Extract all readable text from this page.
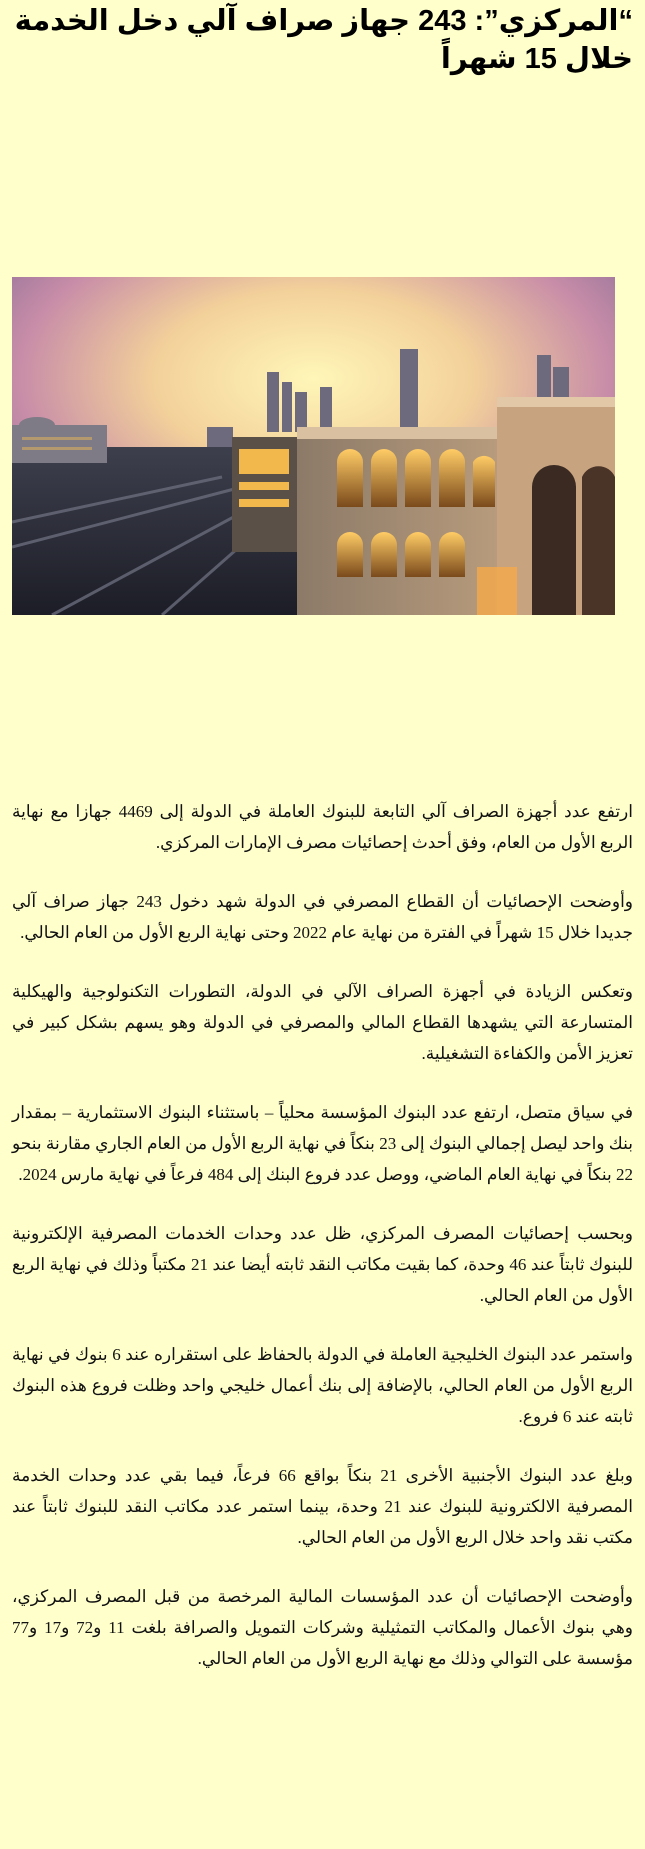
“المركزي”: 243 جهاز صراف آلي دخل الخدمة خلال 15 شهراً

ارتفع عدد أجهزة الصراف آلي التابعة للبنوك العاملة في الدولة إلى 4469 جهازا مع نهاية الربع الأول من العام، وفق أحدث إحصائيات مصرف الإمارات المركزي.

وأوضحت الإحصائيات أن القطاع المصرفي في الدولة شهد دخول 243 جهاز صراف آلي جديدا خلال 15 شهراً في الفترة من نهاية عام 2022 وحتى نهاية الربع الأول من العام الحالي.

وتعكس الزيادة في أجهزة الصراف الآلي في الدولة، التطورات التكنولوجية والهيكلية المتسارعة التي يشهدها القطاع المالي والمصرفي في الدولة وهو يسهم بشكل كبير في تعزيز الأمن والكفاءة التشغيلية.

في سياق متصل، ارتفع عدد البنوك المؤسسة محلياً – باستثناء البنوك الاستثمارية – بمقدار بنك واحد ليصل إجمالي البنوك إلى 23 بنكاً في نهاية الربع الأول من العام الجاري مقارنة بنحو 22 بنكاً في نهاية العام الماضي، ووصل عدد فروع البنك إلى 484 فرعاً في نهاية مارس 2024.

وبحسب إحصائيات المصرف المركزي، ظل عدد وحدات الخدمات المصرفية الإلكترونية للبنوك ثابتاً عند 46 وحدة، كما بقيت مكاتب النقد ثابته أيضا عند 21 مكتباً وذلك في نهاية الربع الأول من العام الحالي.

واستمر عدد البنوك الخليجية العاملة في الدولة بالحفاظ على استقراره عند 6 بنوك في نهاية الربع الأول من العام الحالي، بالإضافة إلى بنك أعمال خليجي واحد وظلت فروع هذه البنوك ثابته عند 6 فروع.

وبلغ عدد البنوك الأجنبية الأخرى 21 بنكاً بواقع 66 فرعاً، فيما بقي عدد وحدات الخدمة المصرفية الالكترونية للبنوك عند 21 وحدة، بينما استمر عدد مكاتب النقد للبنوك ثابتاً عند مكتب نقد واحد خلال الربع الأول من العام الحالي.

وأوضحت الإحصائيات أن عدد المؤسسات المالية المرخصة من قبل المصرف المركزي، وهي بنوك الأعمال والمكاتب التمثيلية وشركات التمويل والصرافة بلغت 11 و72 و17 و77 مؤسسة على التوالي وذلك مع نهاية الربع الأول من العام الحالي.
